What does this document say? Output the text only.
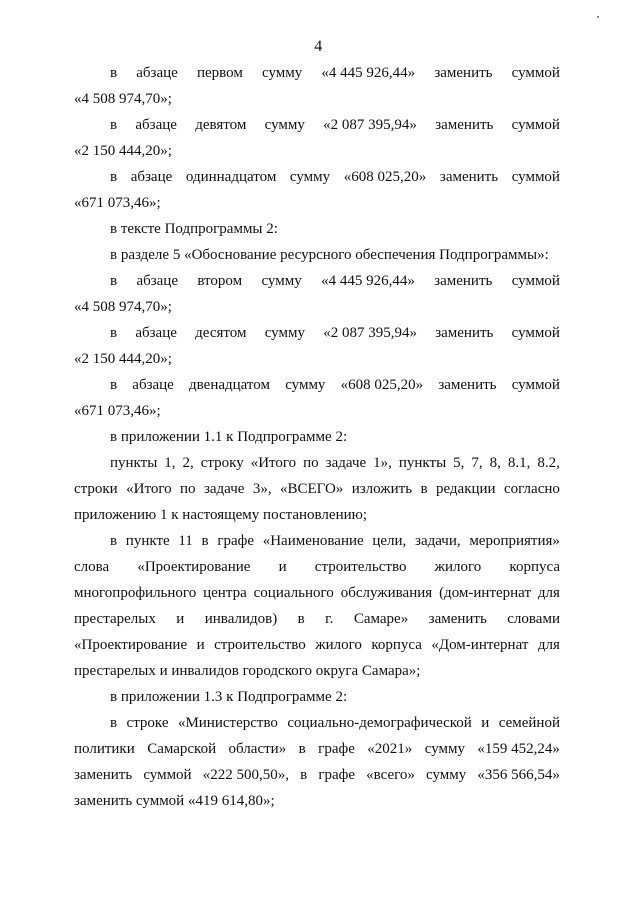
4
в абзаце первом сумму «4 445 926,44» заменить суммой
«4 508 974,70»;
в абзаце девятом сумму «2 087 395,94» заменить суммой
«2 150 444,20»;
в абзаце одиннадцатом сумму «608 025,20» заменить суммой
«671 073,46»;
в тексте Подпрограммы 2:
в разделе 5 «Обоснование ресурсного обеспечения Подпрограммы»:
в абзаце втором сумму «4 445 926,44» заменить суммой
«4 508 974,70»;
в абзаце десятом сумму «2 087 395,94» заменить суммой
«2 150 444,20»;
в абзаце двенадцатом сумму «608 025,20» заменить суммой
«671 073,46»;
в приложении 1.1 к Подпрограмме 2:
пункты 1, 2, строку «Итого по задаче 1», пункты 5, 7, 8, 8.1, 8.2,
строки «Итого по задаче 3», «ВСЕГО» изложить в редакции согласно
приложению 1 к настоящему постановлению;
в пункте 11 в графе «Наименование цели, задачи, мероприятия»
слова «Проектирование и строительство жилого корпуса
многопрофильного центра социального обслуживания (дом-интернат для
престарелых и инвалидов) в г. Самаре» заменить словами
«Проектирование и строительство жилого корпуса «Дом-интернат для
престарелых и инвалидов городского округа Самара»;
в приложении 1.3 к Подпрограмме 2:
в строке «Министерство социально-демографической и семейной
политики Самарской области» в графе «2021» сумму «159 452,24»
заменить суммой «222 500,50», в графе «всего» сумму «356 566,54»
заменить суммой «419 614,80»;
